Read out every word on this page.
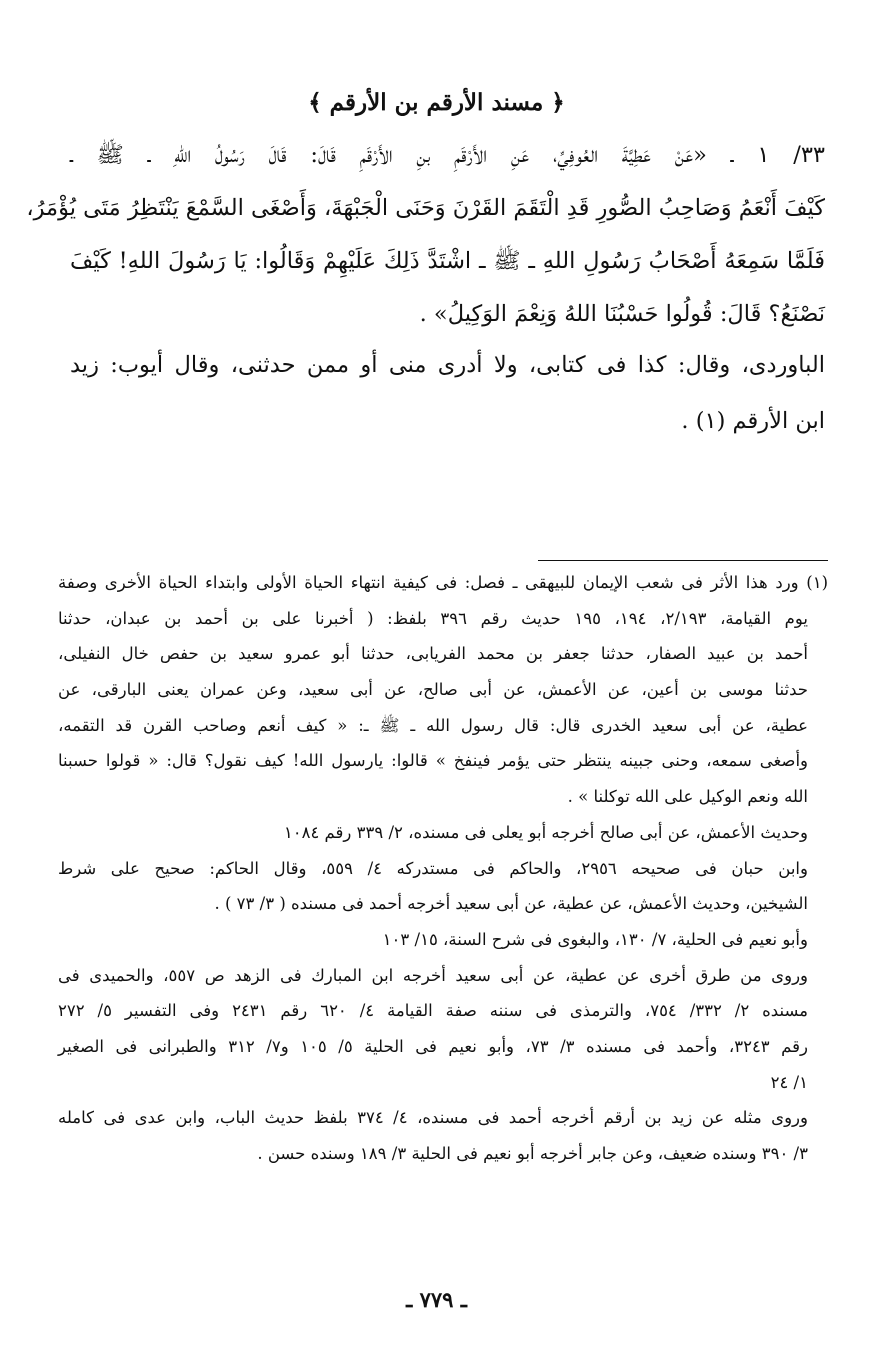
﴿ مسند الأرقم بن الأرقم ﴾
٣٣/ ١ ـ «عَنْ عَطِيَّةَ العُوفِيِّ، عَنِ الأَرْقَمِ بنِ الأَرْقَمِ قَالَ: قَالَ رَسُولُ اللهِ ـ ﷺ ـ
كَيْفَ أَنْعَمُ وَصَاحِبُ الصُّورِ قَدِ الْتَقَمَ القَرْنَ وَحَنَى الْجَبْهَةَ، وَأَصْغَى السَّمْعَ يَنْتَظِرُ مَتَى يُؤْمَرُ،
فَلَمَّا سَمِعَهُ أَصْحَابُ رَسُولِ اللهِ ـ ﷺ ـ اشْتَدَّ ذَلِكَ عَلَيْهِمْ وَقَالُوا: يَا رَسُولَ اللهِ! كَيْفَ
نَصْنَعُ؟ قَالَ: قُولُوا حَسْبُنَا اللهُ وَنِعْمَ الوَكِيلُ» .
الباوردى، وقال: كذا فى كتابى، ولا أدرى منى أو ممن حدثنى، وقال أيوب: زيد
ابن الأرقم (١) .
(١) ورد هذا الأثر فى شعب الإيمان للبيهقى ـ فصل: فى كيفية انتهاء الحياة الأولى وابتداء الحياة الأخرى وصفة
يوم القيامة، ٢/١٩٣، ١٩٤، ١٩٥ حديث رقم ٣٩٦ بلفظ: ( أخبرنا على بن أحمد بن عبدان، حدثنا
أحمد بن عبيد الصفار، حدثنا جعفر بن محمد الفريابى، حدثنا أبو عمرو سعيد بن حفص خال النفيلى،
حدثنا موسى بن أعين، عن الأعمش، عن أبى صالح، عن أبى سعيد، وعن عمران يعنى البارقى، عن
عطية، عن أبى سعيد الخدرى قال: قال رسول الله ـ ﷺ ـ: « كيف أنعم وصاحب القرن قد التقمه،
وأصغى سمعه، وحنى جبينه ينتظر حتى يؤمر فينفخ » قالوا: يارسول الله! كيف نقول؟ قال: « قولوا حسبنا
الله ونعم الوكيل على الله توكلنا » .
وحديث الأعمش، عن أبى صالح أخرجه أبو يعلى فى مسنده، ٢/ ٣٣٩ رقم ١٠٨٤
وابن حبان فى صحيحه ٢٩٥٦، والحاكم فى مستدركه ٤/ ٥٥٩، وقال الحاكم: صحيح على شرط
الشيخين، وحديث الأعمش، عن عطية، عن أبى سعيد أخرجه أحمد فى مسنده ( ٣/ ٧٣ ) .
وأبو نعيم فى الحلية، ٧/ ١٣٠، والبغوى فى شرح السنة، ١٥/ ١٠٣
وروى من طرق أخرى عن عطية، عن أبى سعيد أخرجه ابن المبارك فى الزهد ص ٥٥٧، والحميدى فى
مسنده ٢/ ٣٣٢/ ٧٥٤، والترمذى فى سننه صفة القيامة ٤/ ٦٢٠ رقم ٢٤٣١ وفى التفسير ٥/ ٢٧٢
رقم ٣٢٤٣، وأحمد فى مسنده ٣/ ٧٣، وأبو نعيم فى الحلية ٥/ ١٠٥ و٧/ ٣١٢ والطبرانى فى الصغير
١/ ٢٤
وروى مثله عن زيد بن أرقم أخرجه أحمد فى مسنده، ٤/ ٣٧٤ بلفظ حديث الباب، وابن عدى فى كامله
٣/ ٣٩٠ وسنده ضعيف، وعن جابر أخرجه أبو نعيم فى الحلية ٣/ ١٨٩ وسنده حسن .
ـ ٧٧٩ ـ
